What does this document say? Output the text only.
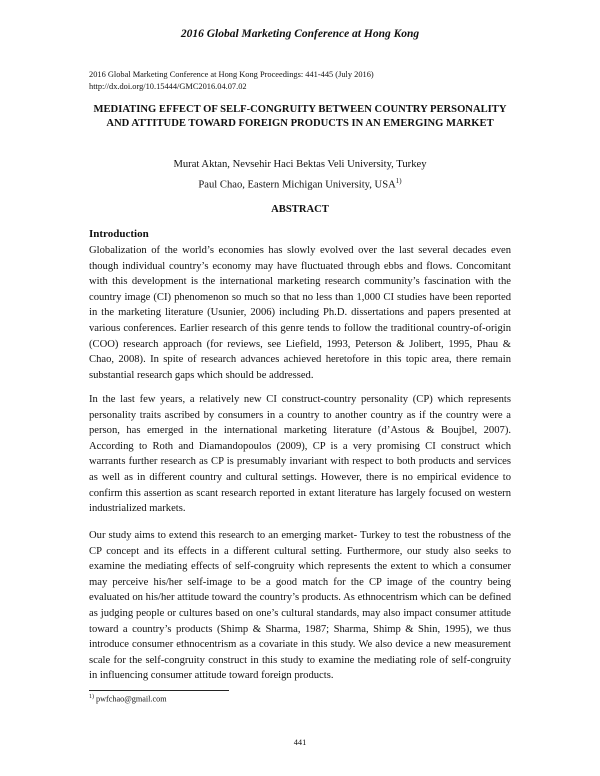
2016 Global Marketing Conference at Hong Kong
2016 Global Marketing Conference at Hong Kong Proceedings: 441-445 (July 2016)
http://dx.doi.org/10.15444/GMC2016.04.07.02
MEDIATING EFFECT OF SELF-CONGRUITY BETWEEN COUNTRY PERSONALITY AND ATTITUDE TOWARD FOREIGN PRODUCTS IN AN EMERGING MARKET
Murat Aktan, Nevsehir Haci Bektas Veli University, Turkey
Paul Chao, Eastern Michigan University, USA$^{1)}$
ABSTRACT
Introduction

Globalization of the world’s economies has slowly evolved over the last several decades even though individual country’s economy may have fluctuated through ebbs and flows. Concomitant with this development is the international marketing research community’s fascination with the country image (CI) phenomenon so much so that no less than 1,000 CI studies have been reported in the marketing literature (Usunier, 2006) including Ph.D. dissertations and papers presented at various conferences. Earlier research of this genre tends to follow the traditional country-of-origin (COO) research approach (for reviews, see Liefield, 1993, Peterson & Jolibert, 1995, Phau & Chao, 2008). In spite of research advances achieved heretofore in this topic area, there remain substantial research gaps which should be addressed.

In the last few years, a relatively new CI construct-country personality (CP) which represents personality traits ascribed by consumers in a country to another country as if the country were a person, has emerged in the international marketing literature (d’Astous & Boujbel, 2007). According to Roth and Diamandopoulos (2009), CP is a very promising CI construct which warrants further research as CP is presumably invariant with respect to both products and services as well as in different country and cultural settings. However, there is no empirical evidence to confirm this assertion as scant research reported in extant literature has largely focused on western industrialized markets.

Our study aims to extend this research to an emerging market- Turkey to test the robustness of the CP concept and its effects in a different cultural setting. Furthermore, our study also seeks to examine the mediating effects of self-congruity which represents the extent to which a consumer may perceive his/her self-image to be a good match for the CP image of the country being evaluated on his/her attitude toward the country’s products. As ethnocentrism which can be defined as judging people or cultures based on one’s cultural standards, may also impact consumer attitude toward a country’s products (Shimp & Sharma, 1987; Sharma, Shimp & Shin, 1995), we thus introduce consumer ethnocentrism as a covariate in this study. We also device a new measurement scale for the self-congruity construct in this study to examine the mediating role of self-congruity in influencing consumer attitude toward foreign products.

$^{1)}$ pwfchao@gmail.com
441
